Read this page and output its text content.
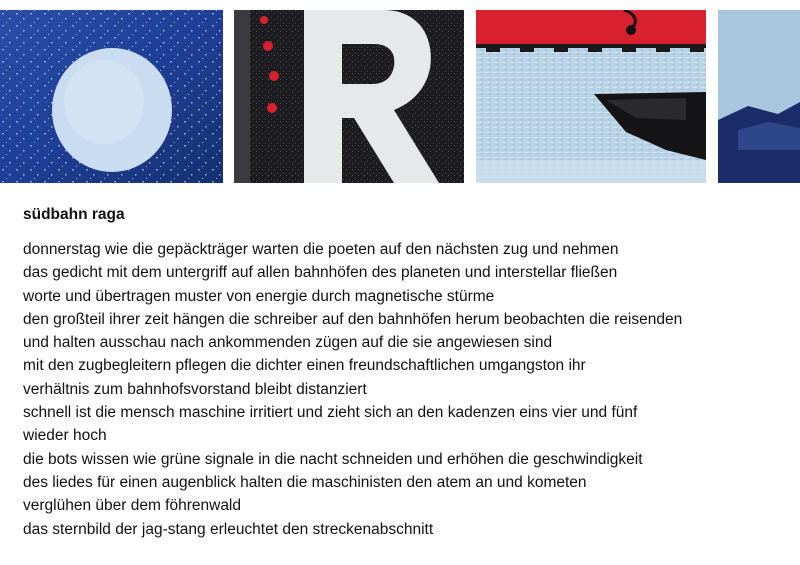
südbahn raga
donnerstag wie die gepäckträger warten die poeten auf den nächsten zug und nehmen
das gedicht mit dem untergriff auf allen bahnhöfen des planeten und interstellar fließen
worte und übertragen muster von energie durch magnetische stürme
den großteil ihrer zeit hängen die schreiber auf den bahnhöfen herum beobachten die reisenden
und halten ausschau nach ankommenden zügen auf die sie angewiesen sind
mit den zugbegleitern pflegen die dichter einen freundschaftlichen umgangston ihr
verhältnis zum bahnhofsvorstand bleibt distanziert
schnell ist die mensch maschine irritiert und zieht sich an den kadenzen eins vier und fünf
wieder hoch
die bots wissen wie grüne signale in die nacht schneiden und erhöhen die geschwindigkeit
des liedes für einen augenblick halten die maschinisten den atem an und kometen
verglühen über dem föhrenwald
das sternbild der jag-stang erleuchtet den streckenabschnitt
